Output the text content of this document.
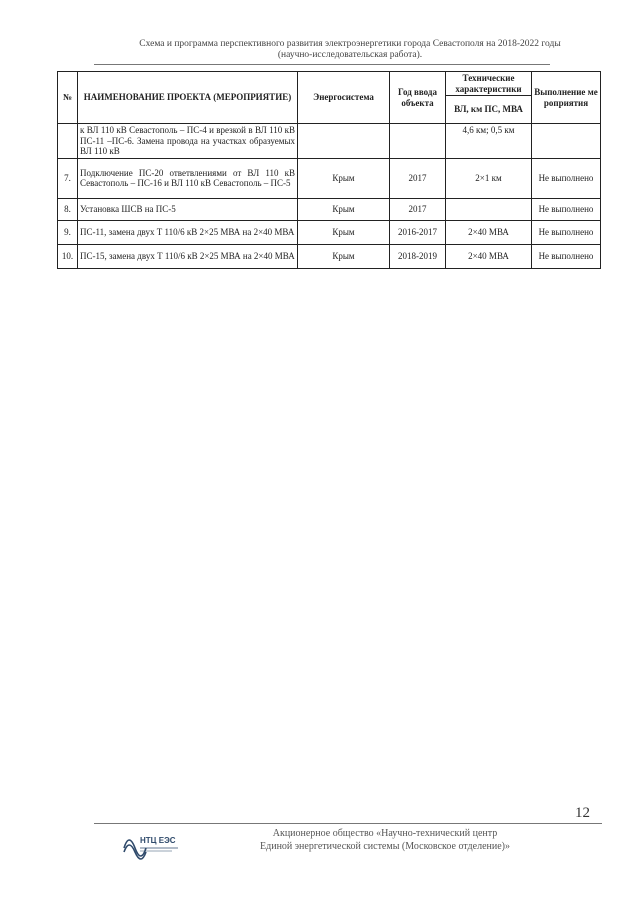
Схема и программа перспективного развития электроэнергетики города Севастополя на 2018-2022 годы
(научно-исследовательская работа).
№	НАИМЕНОВАНИЕ ПРОЕКТА (МЕРОПРИЯТИЕ)	Энергосистема	Год ввода объекта	Технические характеристики	Выполнение мероприятия
				ВЛ, км ПС, МВА	
	к ВЛ 110 кВ Севастополь – ПС-4 и врезкой в ВЛ 110 кВ ПС-11 –ПС-6. Замена провода на участках образуемых ВЛ 110 кВ			4,6 км; 0,5 км	
7.	Подключение ПС-20 ответвлениями от ВЛ 110 кВ Севастополь – ПС-16 и ВЛ 110 кВ Севастополь – ПС-5	Крым	2017	2×1 км	Не выполнено
8.	Установка ШСВ на ПС-5	Крым	2017		Не выполнено
9.	ПС-11, замена двух Т 110/6 кВ 2×25 МВА на 2×40 МВА	Крым	2016-2017	2×40 МВА	Не выполнено
10.	ПС-15, замена двух Т 110/6 кВ 2×25 МВА на 2×40 МВА	Крым	2018-2019	2×40 МВА	Не выполнено
12
НТЦ ЕЭС
Акционерное общество «Научно-технический центр
Единой энергетической системы (Московское отделение)»
